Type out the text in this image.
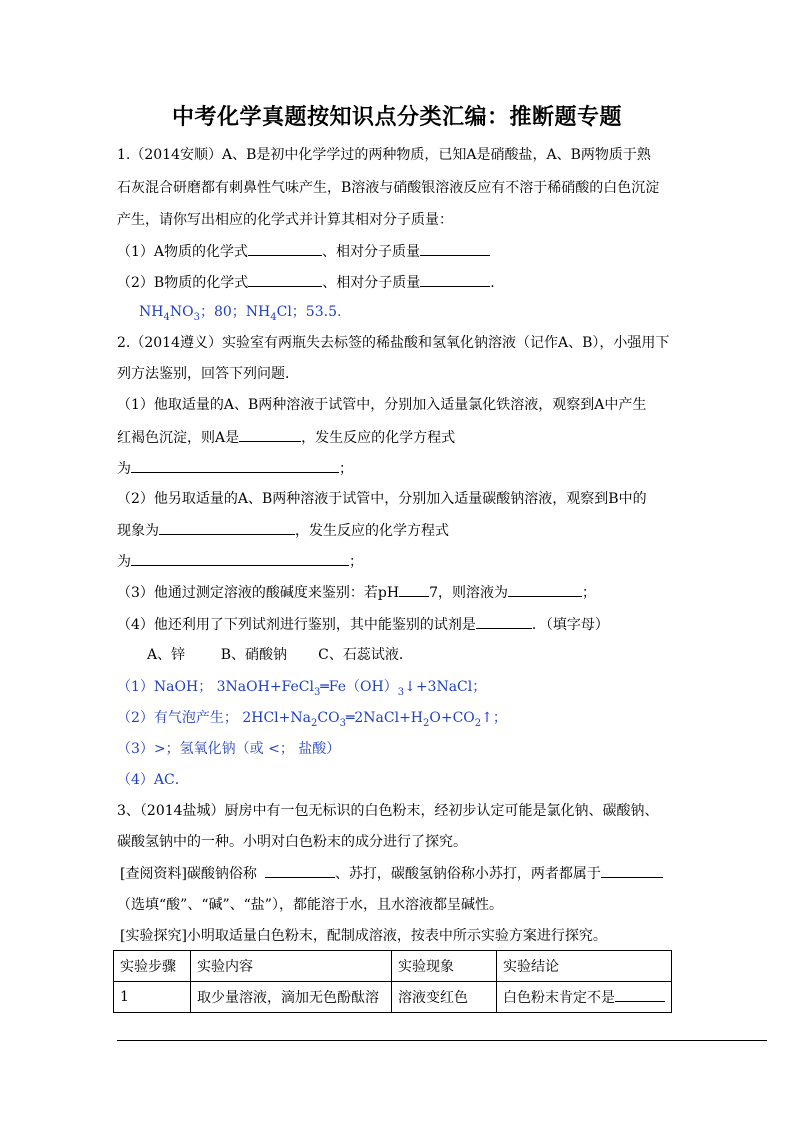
中考化学真题按知识点分类汇编：推断题专题
1.（2014安顺）A、B是初中化学学过的两种物质，已知A是硝酸盐，A、B两物质于熟
石灰混合研磨都有刺鼻性气味产生，B溶液与硝酸银溶液反应有不溶于稀硝酸的白色沉淀
产生，请你写出相应的化学式并计算其相对分子质量：
（1）A物质的化学式	、相对分子质量
（2）B物质的化学式	、相对分子质量	.
$NH_4NO_3$；80；$NH_4Cl$；53.5.
2.（2014遵义）实验室有两瓶失去标签的稀盐酸和氢氧化钠溶液（记作A、B），小强用下
列方法鉴别，回答下列问题．
（1）他取适量的A、B两种溶液于试管中，分别加入适量氯化铁溶液，观察到A中产生
红褐色沉淀，则A是	，发生反应的化学方程式
为	；
（2）他另取适量的A、B两种溶液于试管中，分别加入适量碳酸钠溶液，观察到B中的
现象为	，发生反应的化学方程式
为	；
（3）他通过测定溶液的酸碱度来鉴别：若pH 7，则溶液为	；
（4）他还利用了下列试剂进行鉴别，其中能鉴别的试剂是	．（填字母）
A、锌        B、硝酸钠       C、石蕊试液．
（1）NaOH； $3NaOH+FeCl_3═Fe(OH)_3↓+3NaCl$；
（2）有气泡产生； $2HCl+Na_2CO_3═2NaCl+H_2O+CO_2↑$；
（3）>；氢氧化钠（或 <； 盐酸）
（4）AC．
3、（2014盐城）厨房中有一包无标识的白色粉末，经初步认定可能是氯化钠、碳酸钠、
碳酸氢钠中的一种。小明对白色粉末的成分进行了探究。
[查阅资料]碳酸钠俗称	、苏打，碳酸氢钠俗称小苏打，两者都属于
（选填“酸”、“碱”、“盐”），都能溶于水，且水溶液都呈碱性。
[实验探究]小明取适量白色粉末，配制成溶液，按表中所示实验方案进行探究。
实验步骤	实验内容	实验现象	实验结论
1	取少量溶液，滴加无色酚酞溶	溶液变红色	白色粉末肯定不是
